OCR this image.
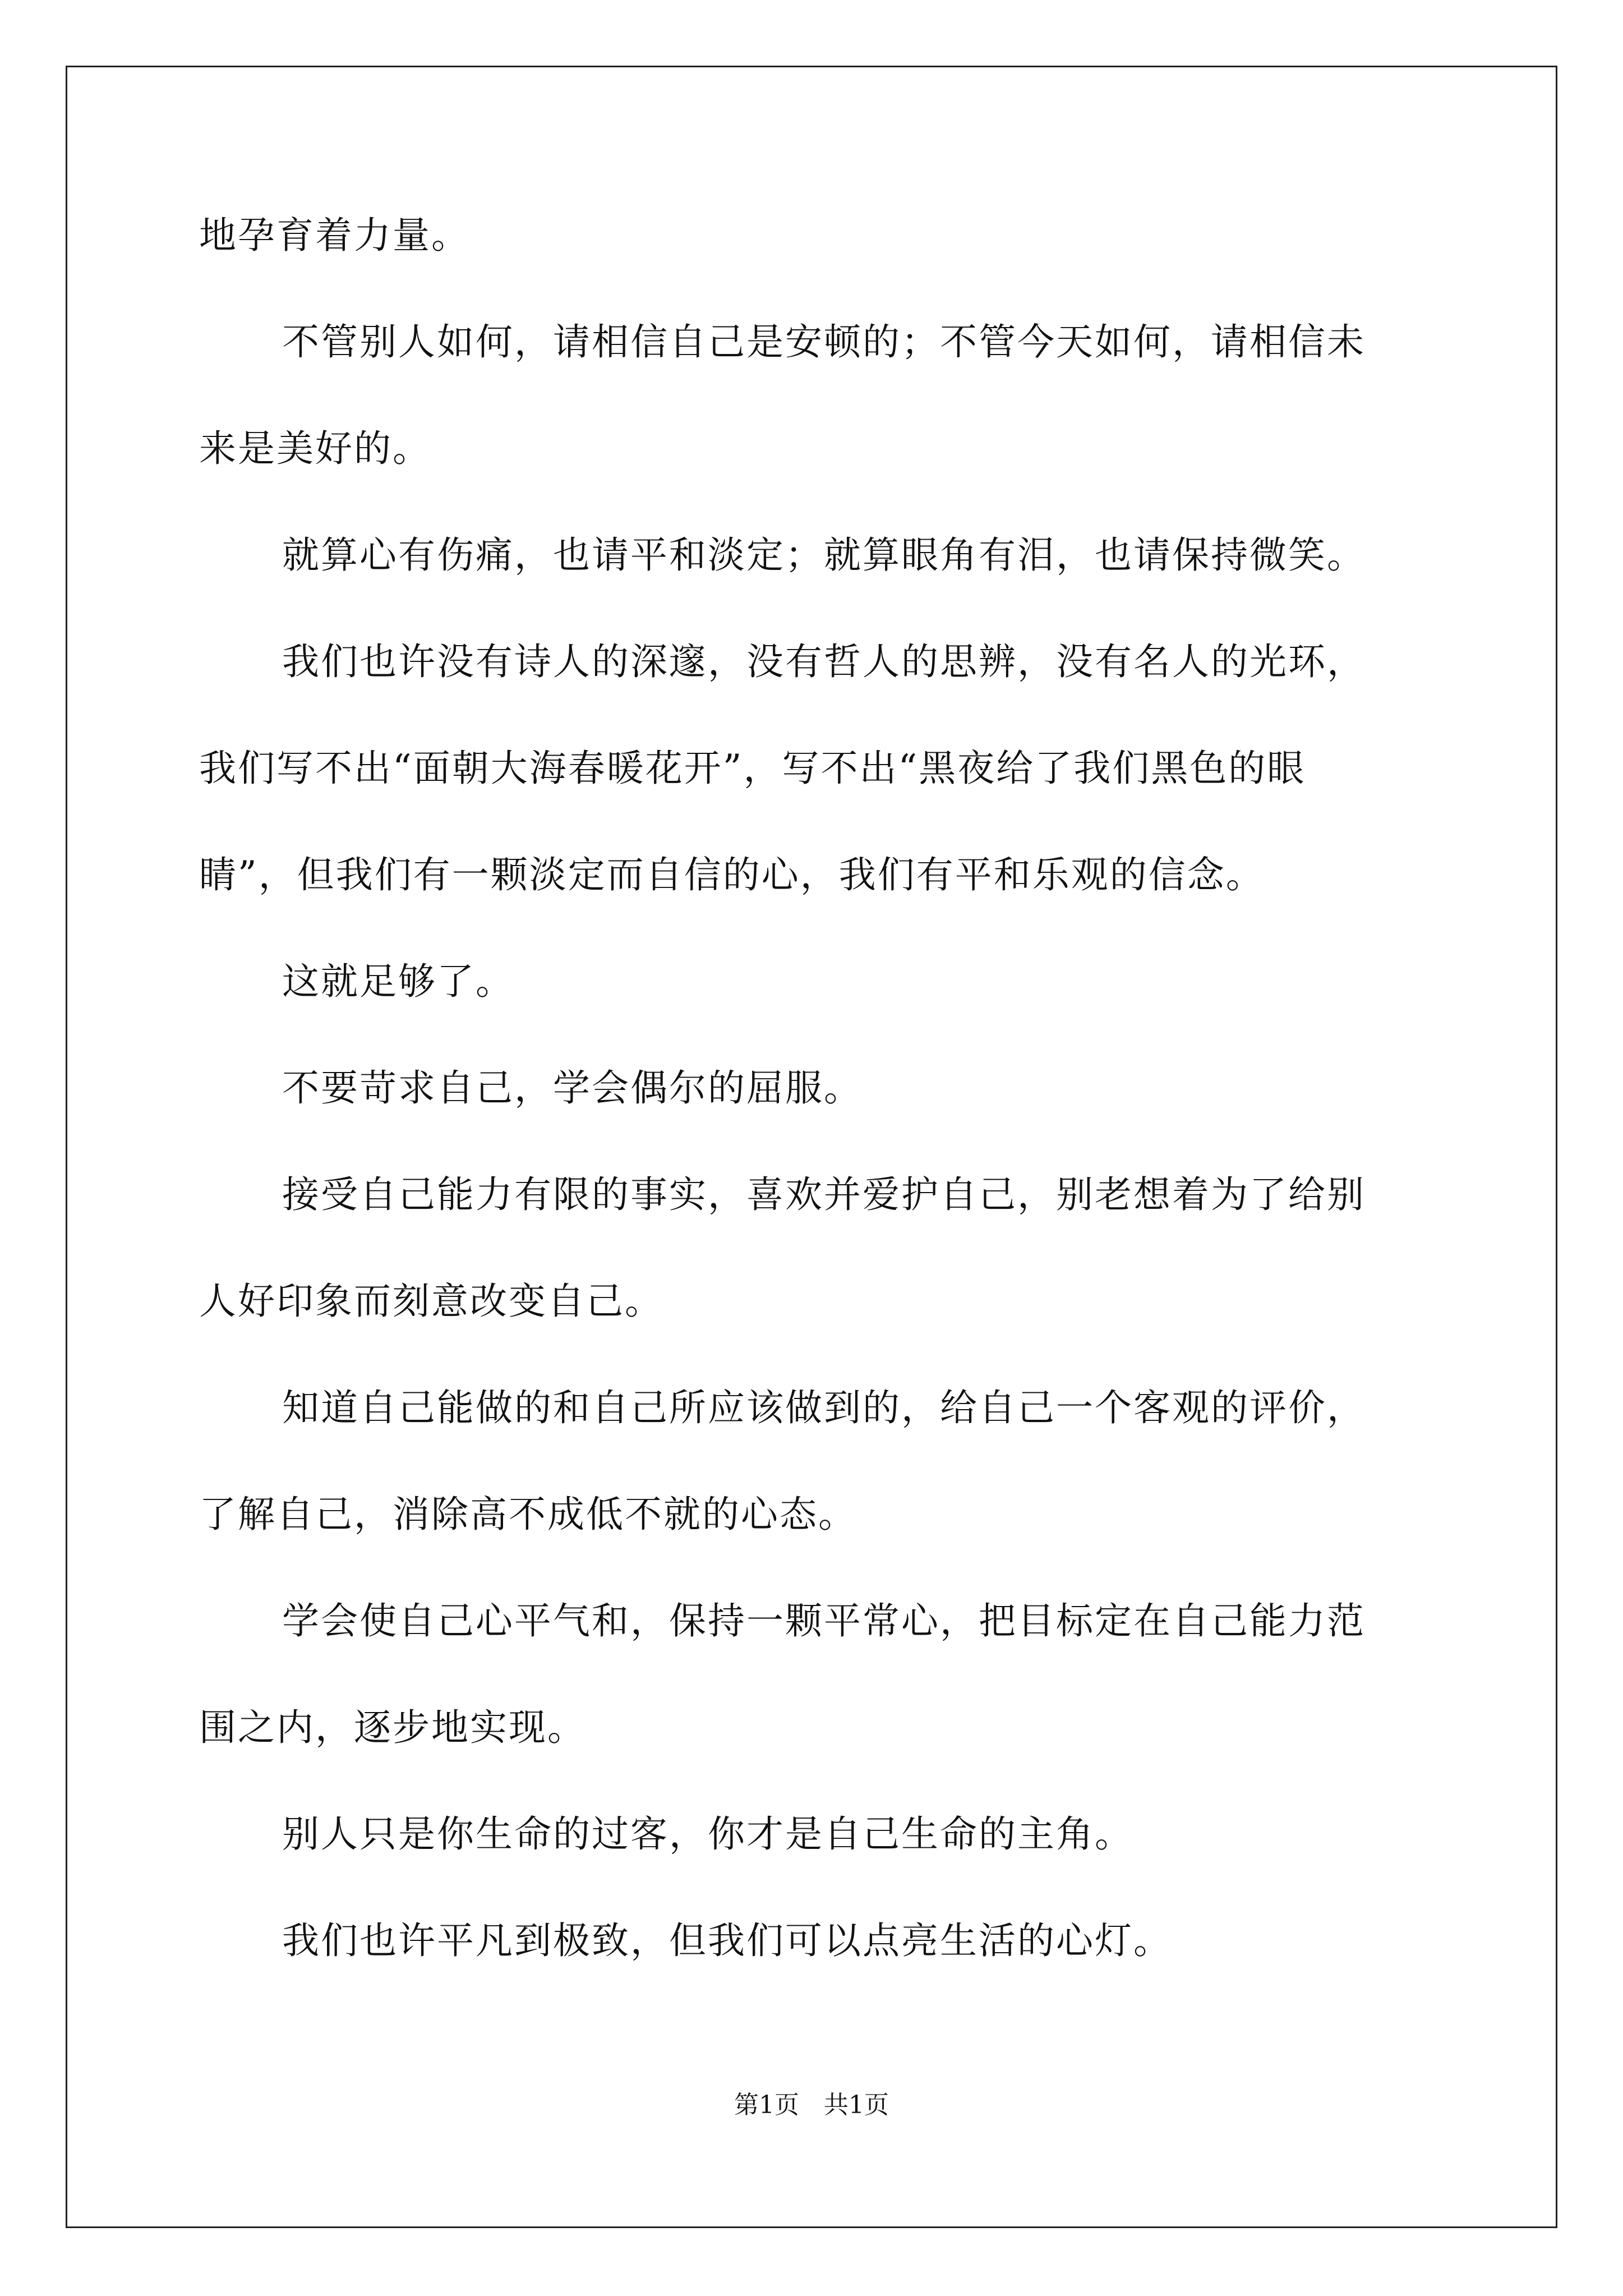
地孕育着力量。
不管别人如何，请相信自己是安顿的；不管今天如何，请相信未
来是美好的。
就算心有伤痛，也请平和淡定；就算眼角有泪，也请保持微笑。
我们也许没有诗人的深邃，没有哲人的思辨，没有名人的光环，
我们写不出“面朝大海春暖花开”，写不出“黑夜给了我们黑色的眼
睛”，但我们有一颗淡定而自信的心，我们有平和乐观的信念。
这就足够了。
不要苛求自己，学会偶尔的屈服。
接受自己能力有限的事实，喜欢并爱护自己，别老想着为了给别
人好印象而刻意改变自己。
知道自己能做的和自己所应该做到的，给自己一个客观的评价，
了解自己，消除高不成低不就的心态。
学会使自己心平气和，保持一颗平常心，把目标定在自己能力范
围之内，逐步地实现。
别人只是你生命的过客，你才是自己生命的主角。
我们也许平凡到极致，但我们可以点亮生活的心灯。
第1页　共1页
